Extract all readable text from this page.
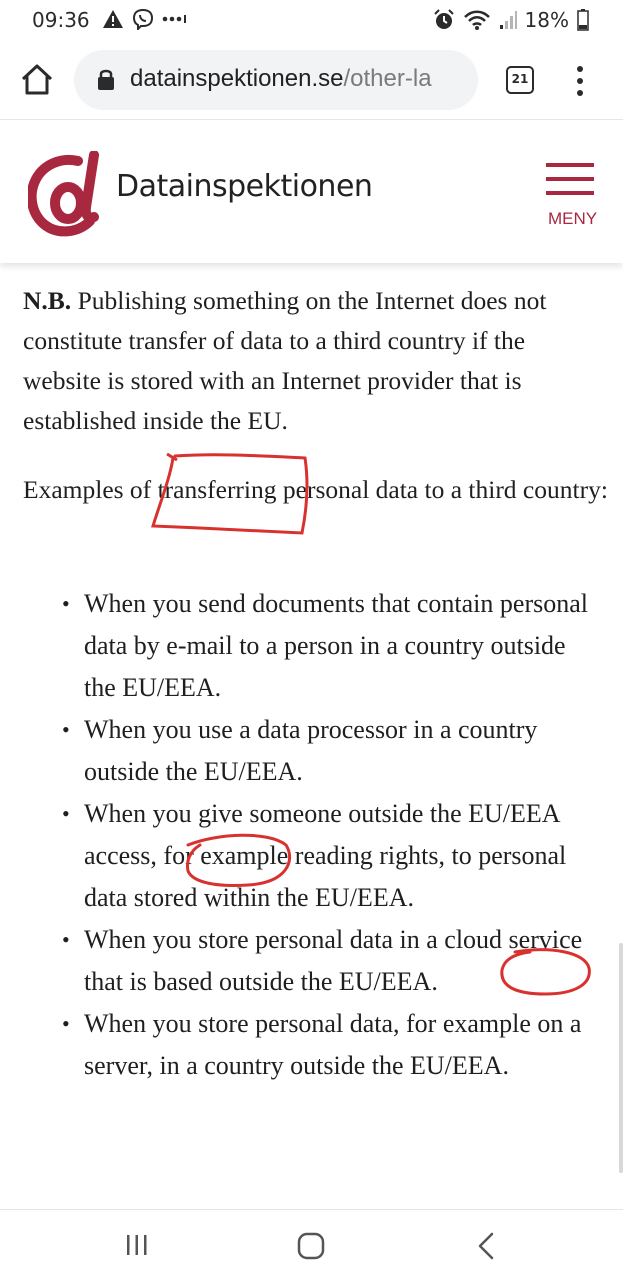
09:36	18%
datainspektionen.se/other-la	21
Datainspektionen
MENY

N.B. Publishing something on the Internet does not constitute transfer of data to a third country if the website is stored with an Internet provider that is established inside the EU.

Examples of transferring personal data to a third country:

• When you send documents that contain personal data by e-mail to a person in a country outside the EU/EEA.
• When you use a data processor in a country outside the EU/EEA.
• When you give someone outside the EU/EEA access, for example reading rights, to personal data stored within the EU/EEA.
• When you store personal data in a cloud service that is based outside the EU/EEA.
• When you store personal data, for example on a server, in a country outside the EU/EEA.
